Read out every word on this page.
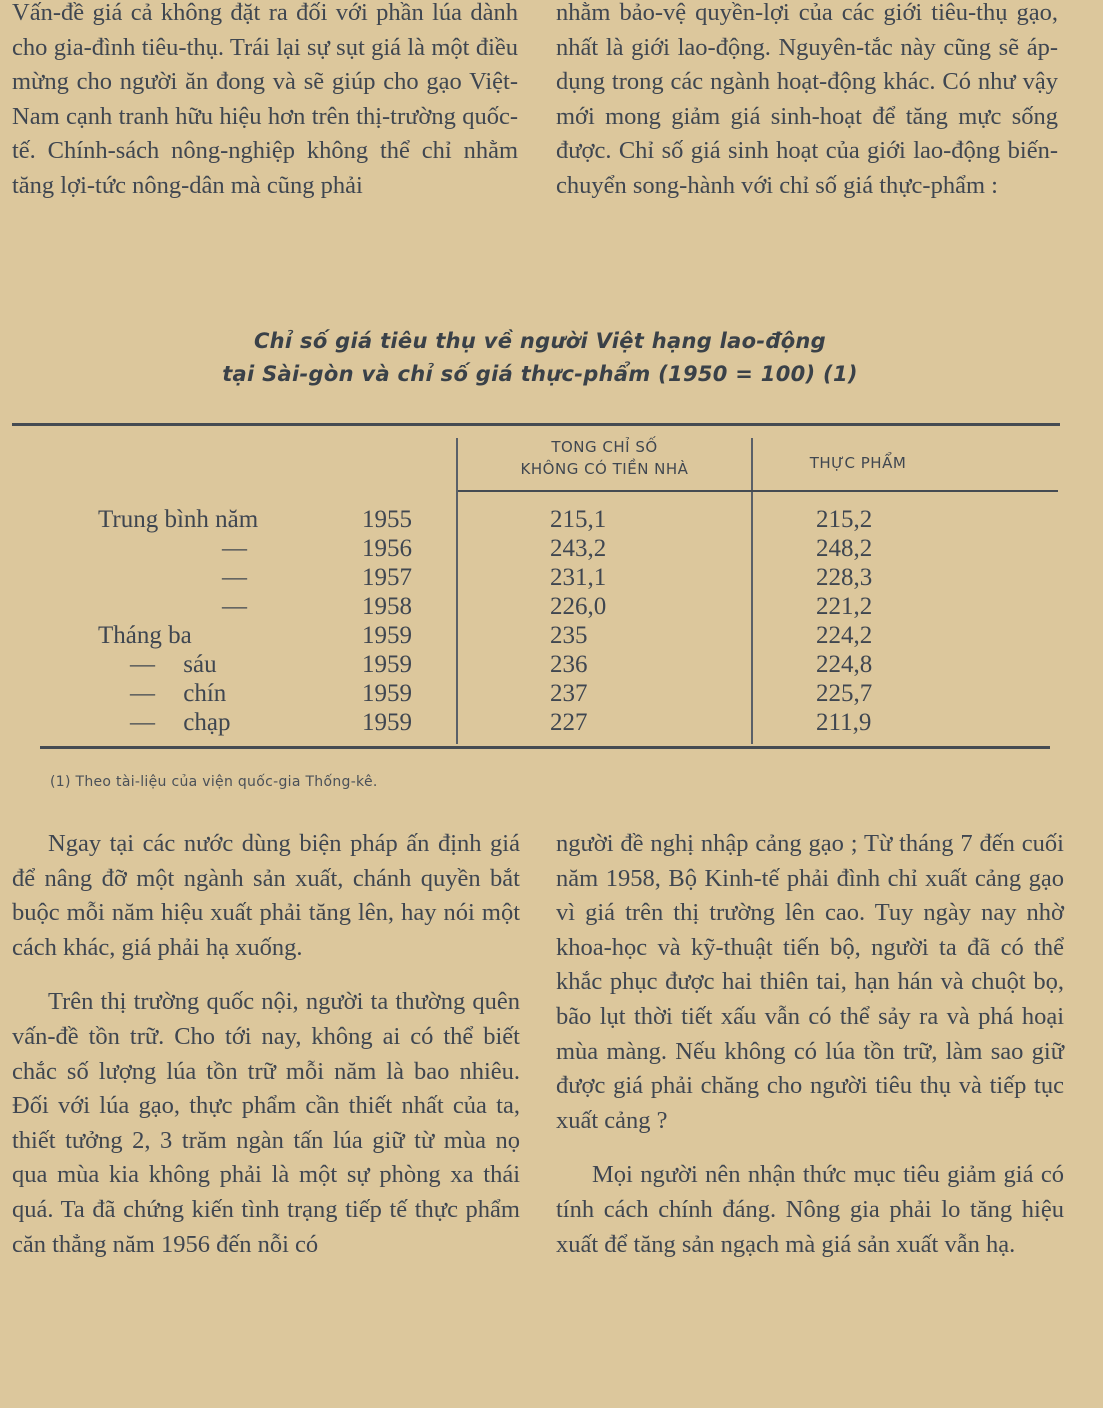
Vấn-đề giá cả không đặt ra đối với phần lúa dành cho gia-đình tiêu-thụ. Trái lại sự sụt giá là một điều mừng cho người ăn đong và sẽ giúp cho gạo Việt-Nam cạnh tranh hữu hiệu hơn trên thị-trường quốc-tế. Chính-sách nông-nghiệp không thể chỉ nhằm tăng lợi-tức nông-dân mà cũng phải

nhằm bảo-vệ quyền-lợi của các giới tiêu-thụ gạo, nhất là giới lao-động. Nguyên-tắc này cũng sẽ áp-dụng trong các ngành hoạt-động khác. Có như vậy mới mong giảm giá sinh-hoạt để tăng mực sống được. Chỉ số giá sinh hoạt của giới lao-động biến-chuyển song-hành với chỉ số giá thực-phẩm :

Chỉ số giá tiêu thụ về người Việt hạng lao-động
tại Sài-gòn và chỉ số giá thực-phẩm (1950 = 100) (1)
TONG CHỈ SỐ
KHÔNG CÓ TIỀN NHÀ	THỰC PHẨM
Trung bình năm	1955	215,1	215,2
—	1956	243,2	248,2
—	1957	231,1	228,3
—	1958	226,0	221,2
Tháng ba	1959	235	224,2
— sáu	1959	236	224,8
— chín	1959	237	225,7
— chạp	1959	227	211,9
(1) Theo tài-liệu của viện quốc-gia Thống-kê.

Ngay tại các nước dùng biện pháp ấn định giá để nâng đỡ một ngành sản xuất, chánh quyền bắt buộc mỗi năm hiệu xuất phải tăng lên, hay nói một cách khác, giá phải hạ xuống.

Trên thị trường quốc nội, người ta thường quên vấn-đề tồn trữ. Cho tới nay, không ai có thể biết chắc số lượng lúa tồn trữ mỗi năm là bao nhiêu. Đối với lúa gạo, thực phẩm cần thiết nhất của ta, thiết tưởng 2, 3 trăm ngàn tấn lúa giữ từ mùa nọ qua mùa kia không phải là một sự phòng xa thái quá. Ta đã chứng kiến tình trạng tiếp tế thực phẩm căn thẳng năm 1956 đến nỗi có

người đề nghị nhập cảng gạo ; Từ tháng 7 đến cuối năm 1958, Bộ Kinh-tế phải đình chỉ xuất cảng gạo vì giá trên thị trường lên cao. Tuy ngày nay nhờ khoa-học và kỹ-thuật tiến bộ, người ta đã có thể khắc phục được hai thiên tai, hạn hán và chuột bọ, bão lụt thời tiết xấu vẫn có thể sảy ra và phá hoại mùa màng. Nếu không có lúa tồn trữ, làm sao giữ được giá phải chăng cho người tiêu thụ và tiếp tục xuất cảng ?

Mọi người nên nhận thức mục tiêu giảm giá có tính cách chính đáng. Nông gia phải lo tăng hiệu xuất để tăng sản ngạch mà giá sản xuất vẫn hạ.
